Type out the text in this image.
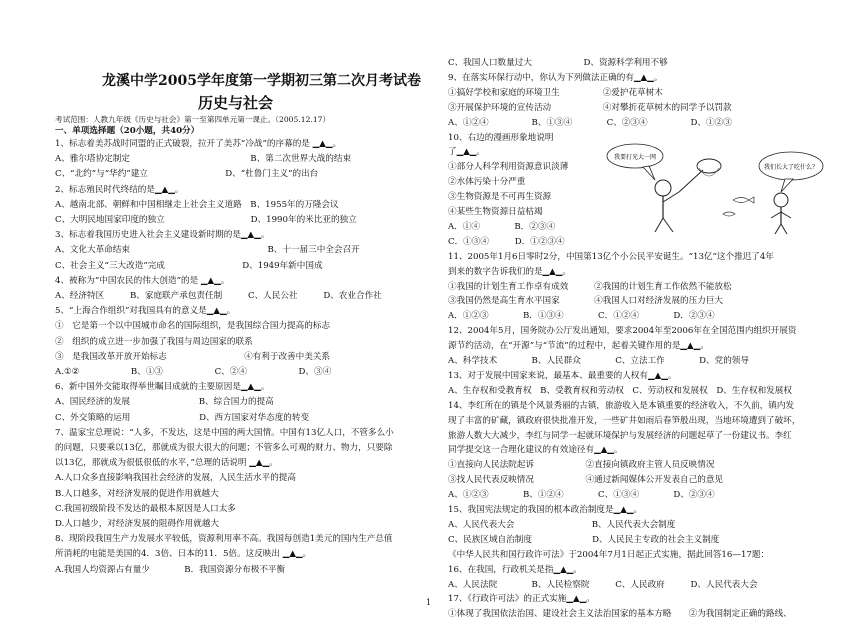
龙溪中学2005学年度第一学期初三第二次月考试卷
历史与社会
考试范围：人教九年级《历史与社会》第一至第四单元第一课止。（2005.12.17）
一、单项选择题（20小题，共40分）
1、标志着美苏战时同盟的正式破裂，拉开了美苏“冷战”的序幕的是 ▁▲▁。
A、雅尔塔协定制定　　　　　　　　　　　　　　B、第二次世界大战的结束
C、“北约”与“华约”建立　　　　　　　　　D、“杜鲁门主义”的出台
2、标志殖民时代终结的是▁▲▁。
A、越南北部、朝鲜和中国相继走上社会主义道路　B、1955年的万隆会议
C、大明民地国家印度的独立　　　　　　　　　　D、1990年的米比亚的独立
3、标志着我国历史进入社会主义建设新时期的是▁▲▁。
A、文化大革命结束　　　　　　　　　　　　　　　　B、十一届三中全会召开
C、社会主义“三大改造”完成　　　　　　　　　D、1949年新中国成
4、被称为“中国农民的伟大创造”的是 ▁▲▁。
A、经济特区　　　B、家庭联产承包责任制　　　C、人民公社　　　D、农业合作社
5、“上海合作组织”对我国具有的意义是▁▲▁。
①　它是第一个以中国城市命名的国际组织，是我国综合国力提高的标志
②　组织的成立进一步加强了我国与周边国家的联系
③　是我国改革开放开始标志　　　　　　　　　④有利于改善中美关系
A.①②　　　　　　B、①③　　　　　　C、②④　　　　　　D、③④
6、新中国外交能取得举世瞩目成就的主要原因是▁▲▁。
A、国民经济的发展　　　　　　　　B、综合国力的提高
C、外交策略的运用　　　　　　　　D、西方国家对华态度的转变
7、温家宝总理说：“人多，不发达，这是中国的两大国情。中国有13亿人口，不管多么小
的问题，只要乘以13亿，那就成为很大很大的问题；不管多么可观的财力、物力，只要除
以13亿，那就成为很低很低的水平，”总理的话说明 ▁▲▁。
A.人口众多直接影响我国社会经济的发展，人民生活水平的提高
B.人口越多，对经济发展的促进作用就越大
C.我国初级阶段不发达的最根本原因是人口太多
D.人口越少，对经济发展的阻碍作用就越大
8、现阶段我国生产力发展水平较低，资源利用率不高。我国每创造1美元的国内生产总值
所消耗的电能是美国的4．3倍、日本的11．5倍。这反映出 ▁▲▁。
A.我国人均资源占有量少　　　　B．我国资源分布极不平衡
C、我国人口数量过大　　　　　　D、资源科学利用不够
9、在落实环保行动中，你认为下列做法正确的有▁▲▁。
①搞好学校和家庭的环境卫生　　　　　②爱护花草树木
③开展保护环境的宣传活动　　　　　　④对攀折花草树木的同学予以罚款
A、①②④　　　　　B、①③④　　　　C、②③④　　　　　D、①②③
10、右边的漫画形象地说明
了▁▲▁。
①部分人科学利用资源意识淡薄
②水体污染十分严重
③生物资源是不可再生资源
④某些生物资源日益枯竭
A．①④　　　　B．②③④
C．①③④　　　D．①②③④
11、2005年1月6日零时2分，中国第13亿个小公民平安诞生。“13亿”这个推迟了4年
到来的数字告诉我们的是▁▲▁。
①我国的计划生育工作卓有成效　　　②我国的计划生育工作依然不能放松
③我国仍然是高生育水平国家　　　　④我国人口对经济发展的压力巨大
A．①②③　　　　B．①③④　　　　C．①②④　　　　D．②③④
12、2004年5月，国务院办公厅发出通知，要求2004年至2006年在全国范围内组织开展资
源节约活动，在“开源”与“节流”的过程中，起着关键作用的是▁▲▁。
A、科学技术　　　　B、人民群众　　　　C、立法工作　　　　D、党的领导
13、对于发展中国家来说，最基本、最重要的人权有▁▲▁。
A、生存权和受教育权　B、受教育权和劳动权　C、劳动权和发展权　D、生存权和发展权
14、李红所在的镇是个风景秀丽的古镇，旅游收入是本镇重要的经济收入，不久前，镇内发
现了丰富的矿藏，镇政府很快批准开发，一些矿井如雨后春笋般出现，当地环境遭到了破坏，
旅游人数大大减少，李红与同学一起就环境保护与发展经济的问题起草了一份建议书。李红
同学提交这一合理化建议的有效途径有▁▲▁。
①直接向人民法院起诉　　　　　　②直接向镇政府主管人员反映情况
③找人民代表反映情况　　　　　　④通过新闻媒体公开发表自己的意见
A、①②③　　　　B、①②④　　　　C、①③④　　　　D、②③④
15、我国宪法规定的我国的根本政治制度是▁▲▁。
A、人民代表大会　　　　　　　　　B、人民代表大会制度
C、民族区域自治制度　　　　　　　D、人民民主专政的社会主义制度
《中华人民共和国行政许可法》于2004年7月1日起正式实施，据此回答16—17题：
16、在我国，行政机关是指▁▲▁。
A、人民法院　　　　B、人民检察院　　　C、人民政府　　　D、人民代表大会
17、《行政许可法》的正式实施▁▲▁。
①体现了我国依法治国、建设社会主义法治国家的基本方略　　②为我国制定正确的路线、
我要打光大一网
我们长大了吃什么？
1
